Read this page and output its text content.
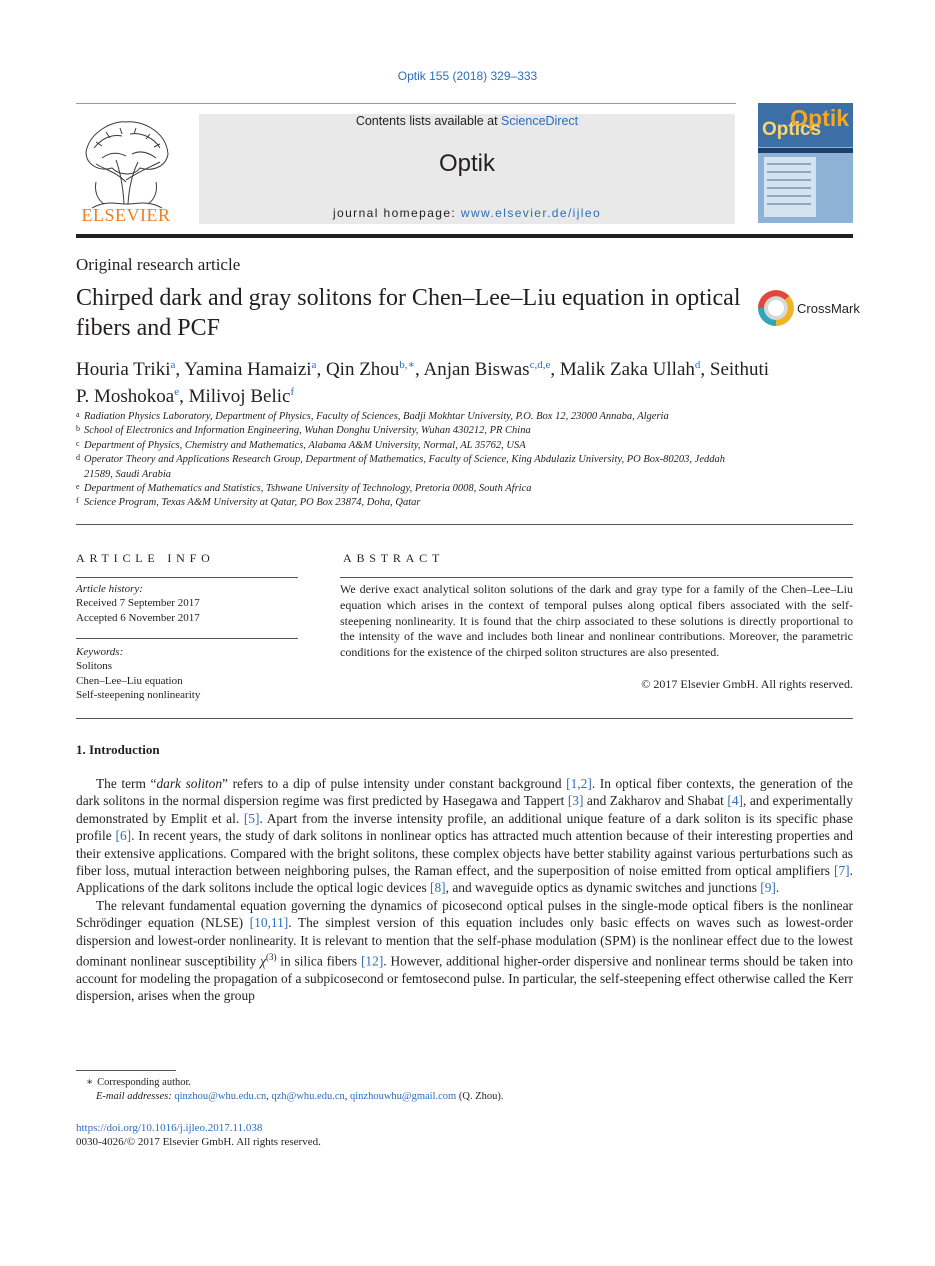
Optik 155 (2018) 329–333
ELSEVIER
Contents lists available at ScienceDirect
Optik
journal homepage: www.elsevier.de/ijleo
Optik
Optics
Original research article
Chirped dark and gray solitons for Chen–Lee–Liu equation in optical fibers and PCF
CrossMark
Houria Triki$^a$, Yamina Hamaizi$^a$, Qin Zhou$^{b,∗}$, Anjan Biswas$^{c,d,e}$, Malik Zaka Ullah$^d$, Seithuti P. Moshokoa$^e$, Milivoj Belic$^f$
a Radiation Physics Laboratory, Department of Physics, Faculty of Sciences, Badji Mokhtar University, P.O. Box 12, 23000 Annaba, Algeria
b School of Electronics and Information Engineering, Wuhan Donghu University, Wuhan 430212, PR China
c Department of Physics, Chemistry and Mathematics, Alabama A&M University, Normal, AL 35762, USA
d Operator Theory and Applications Research Group, Department of Mathematics, Faculty of Science, King Abdulaziz University, PO Box-80203, Jeddah 21589, Saudi Arabia
e Department of Mathematics and Statistics, Tshwane University of Technology, Pretoria 0008, South Africa
f Science Program, Texas A&M University at Qatar, PO Box 23874, Doha, Qatar
ARTICLE INFO
Article history:
Received 7 September 2017
Accepted 6 November 2017
Keywords:
Solitons
Chen–Lee–Liu equation
Self-steepening nonlinearity
ABSTRACT
We derive exact analytical soliton solutions of the dark and gray type for a family of the Chen–Lee–Liu equation which arises in the context of temporal pulses along optical fibers associated with the self-steepening nonlinearity. It is found that the chirp associated to these solutions is directly proportional to the intensity of the wave and includes both linear and nonlinear contributions. Moreover, the parametric conditions for the existence of the chirped soliton structures are also presented.
© 2017 Elsevier GmbH. All rights reserved.
1. Introduction

The term “dark soliton” refers to a dip of pulse intensity under constant background [1,2]. In optical fiber contexts, the generation of the dark solitons in the normal dispersion regime was first predicted by Hasegawa and Tappert [3] and Zakharov and Shabat [4], and experimentally demonstrated by Emplit et al. [5]. Apart from the inverse intensity profile, an additional unique feature of a dark soliton is its specific phase profile [6]. In recent years, the study of dark solitons in nonlinear optics has attracted much attention because of their interesting properties and their extensive applications. Compared with the bright solitons, these complex objects have better stability against various perturbations such as fiber loss, mutual interaction between neighboring pulses, the Raman effect, and the superposition of noise emitted from optical amplifiers [7]. Applications of the dark solitons include the optical logic devices [8], and waveguide optics as dynamic switches and junctions [9].

The relevant fundamental equation governing the dynamics of picosecond optical pulses in the single-mode optical fibers is the nonlinear Schrödinger equation (NLSE) [10,11]. The simplest version of this equation includes only basic effects on waves such as lowest-order dispersion and lowest-order nonlinearity. It is relevant to mention that the self-phase modulation (SPM) is the nonlinear effect due to the lowest dominant nonlinear susceptibility $\chi^{(3)}$ in silica fibers [12]. However, additional higher-order dispersive and nonlinear terms should be taken into account for modeling the propagation of a subpicosecond or femtosecond pulse. In particular, the self-steepening effect otherwise called the Kerr dispersion, arises when the group

∗ Corresponding author.
E-mail addresses: qinzhou@whu.edu.cn, qzh@whu.edu.cn, qinzhouwhu@gmail.com (Q. Zhou).
https://doi.org/10.1016/j.ijleo.2017.11.038
0030-4026/© 2017 Elsevier GmbH. All rights reserved.
